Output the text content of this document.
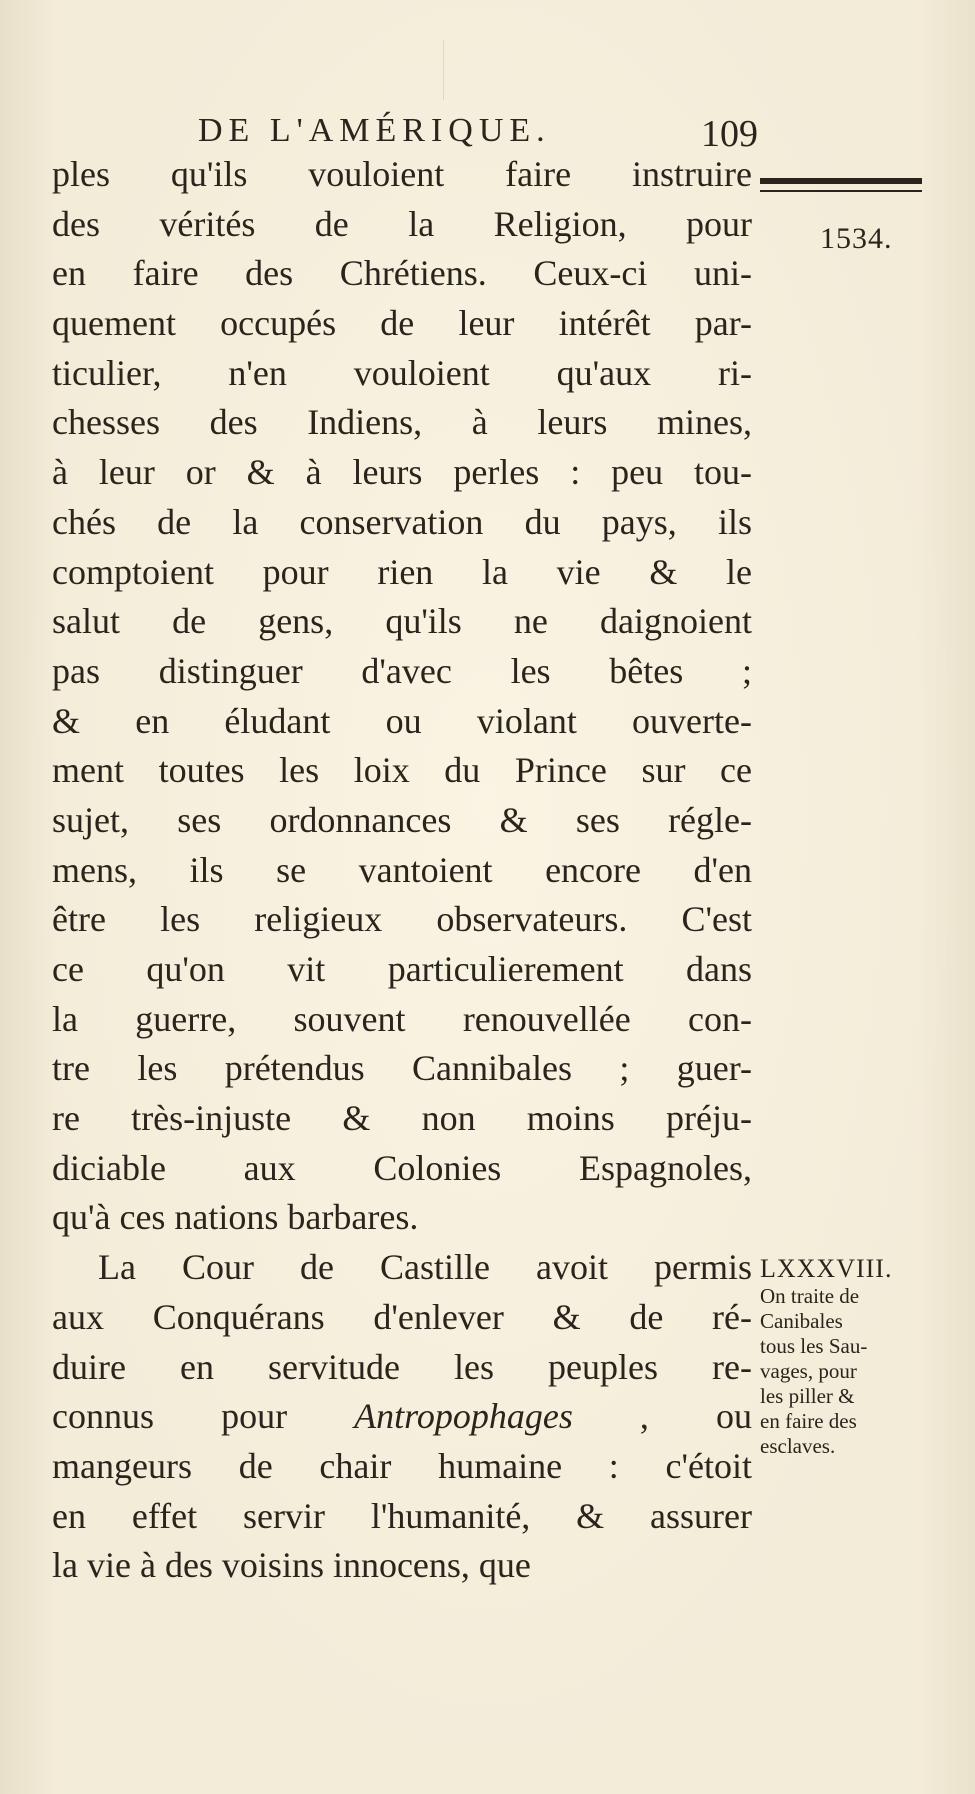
DE L'AMÉRIQUE.	109
1534.
ples qu'ils vouloient faire instruire
des vérités de la Religion, pour
en faire des Chrétiens. Ceux-ci uni-
quement occupés de leur intérêt par-
ticulier, n'en vouloient qu'aux ri-
chesses des Indiens, à leurs mines,
à leur or & à leurs perles : peu tou-
chés de la conservation du pays, ils
comptoient pour rien la vie & le
salut de gens, qu'ils ne daignoient
pas distinguer d'avec les bêtes ;
& en éludant ou violant ouverte-
ment toutes les loix du Prince sur ce
sujet, ses ordonnances & ses régle-
mens, ils se vantoient encore d'en
être les religieux observateurs. C'est
ce qu'on vit particulierement dans
la guerre, souvent renouvellée con-
tre les prétendus Cannibales ; guer-
re très-injuste & non moins préju-
diciable aux Colonies Espagnoles,
qu'à ces nations barbares.
La Cour de Castille avoit permis
aux Conquérans d'enlever & de ré-
duire en servitude les peuples re-
connus pour Antropophages , ou
mangeurs de chair humaine : c'étoit
en effet servir l'humanité, & assurer
la vie à des voisins innocens, que
LXXXVIII.
On traite de
Canibales
tous les Sau-
vages, pour
les piller &
en faire des
esclaves.
